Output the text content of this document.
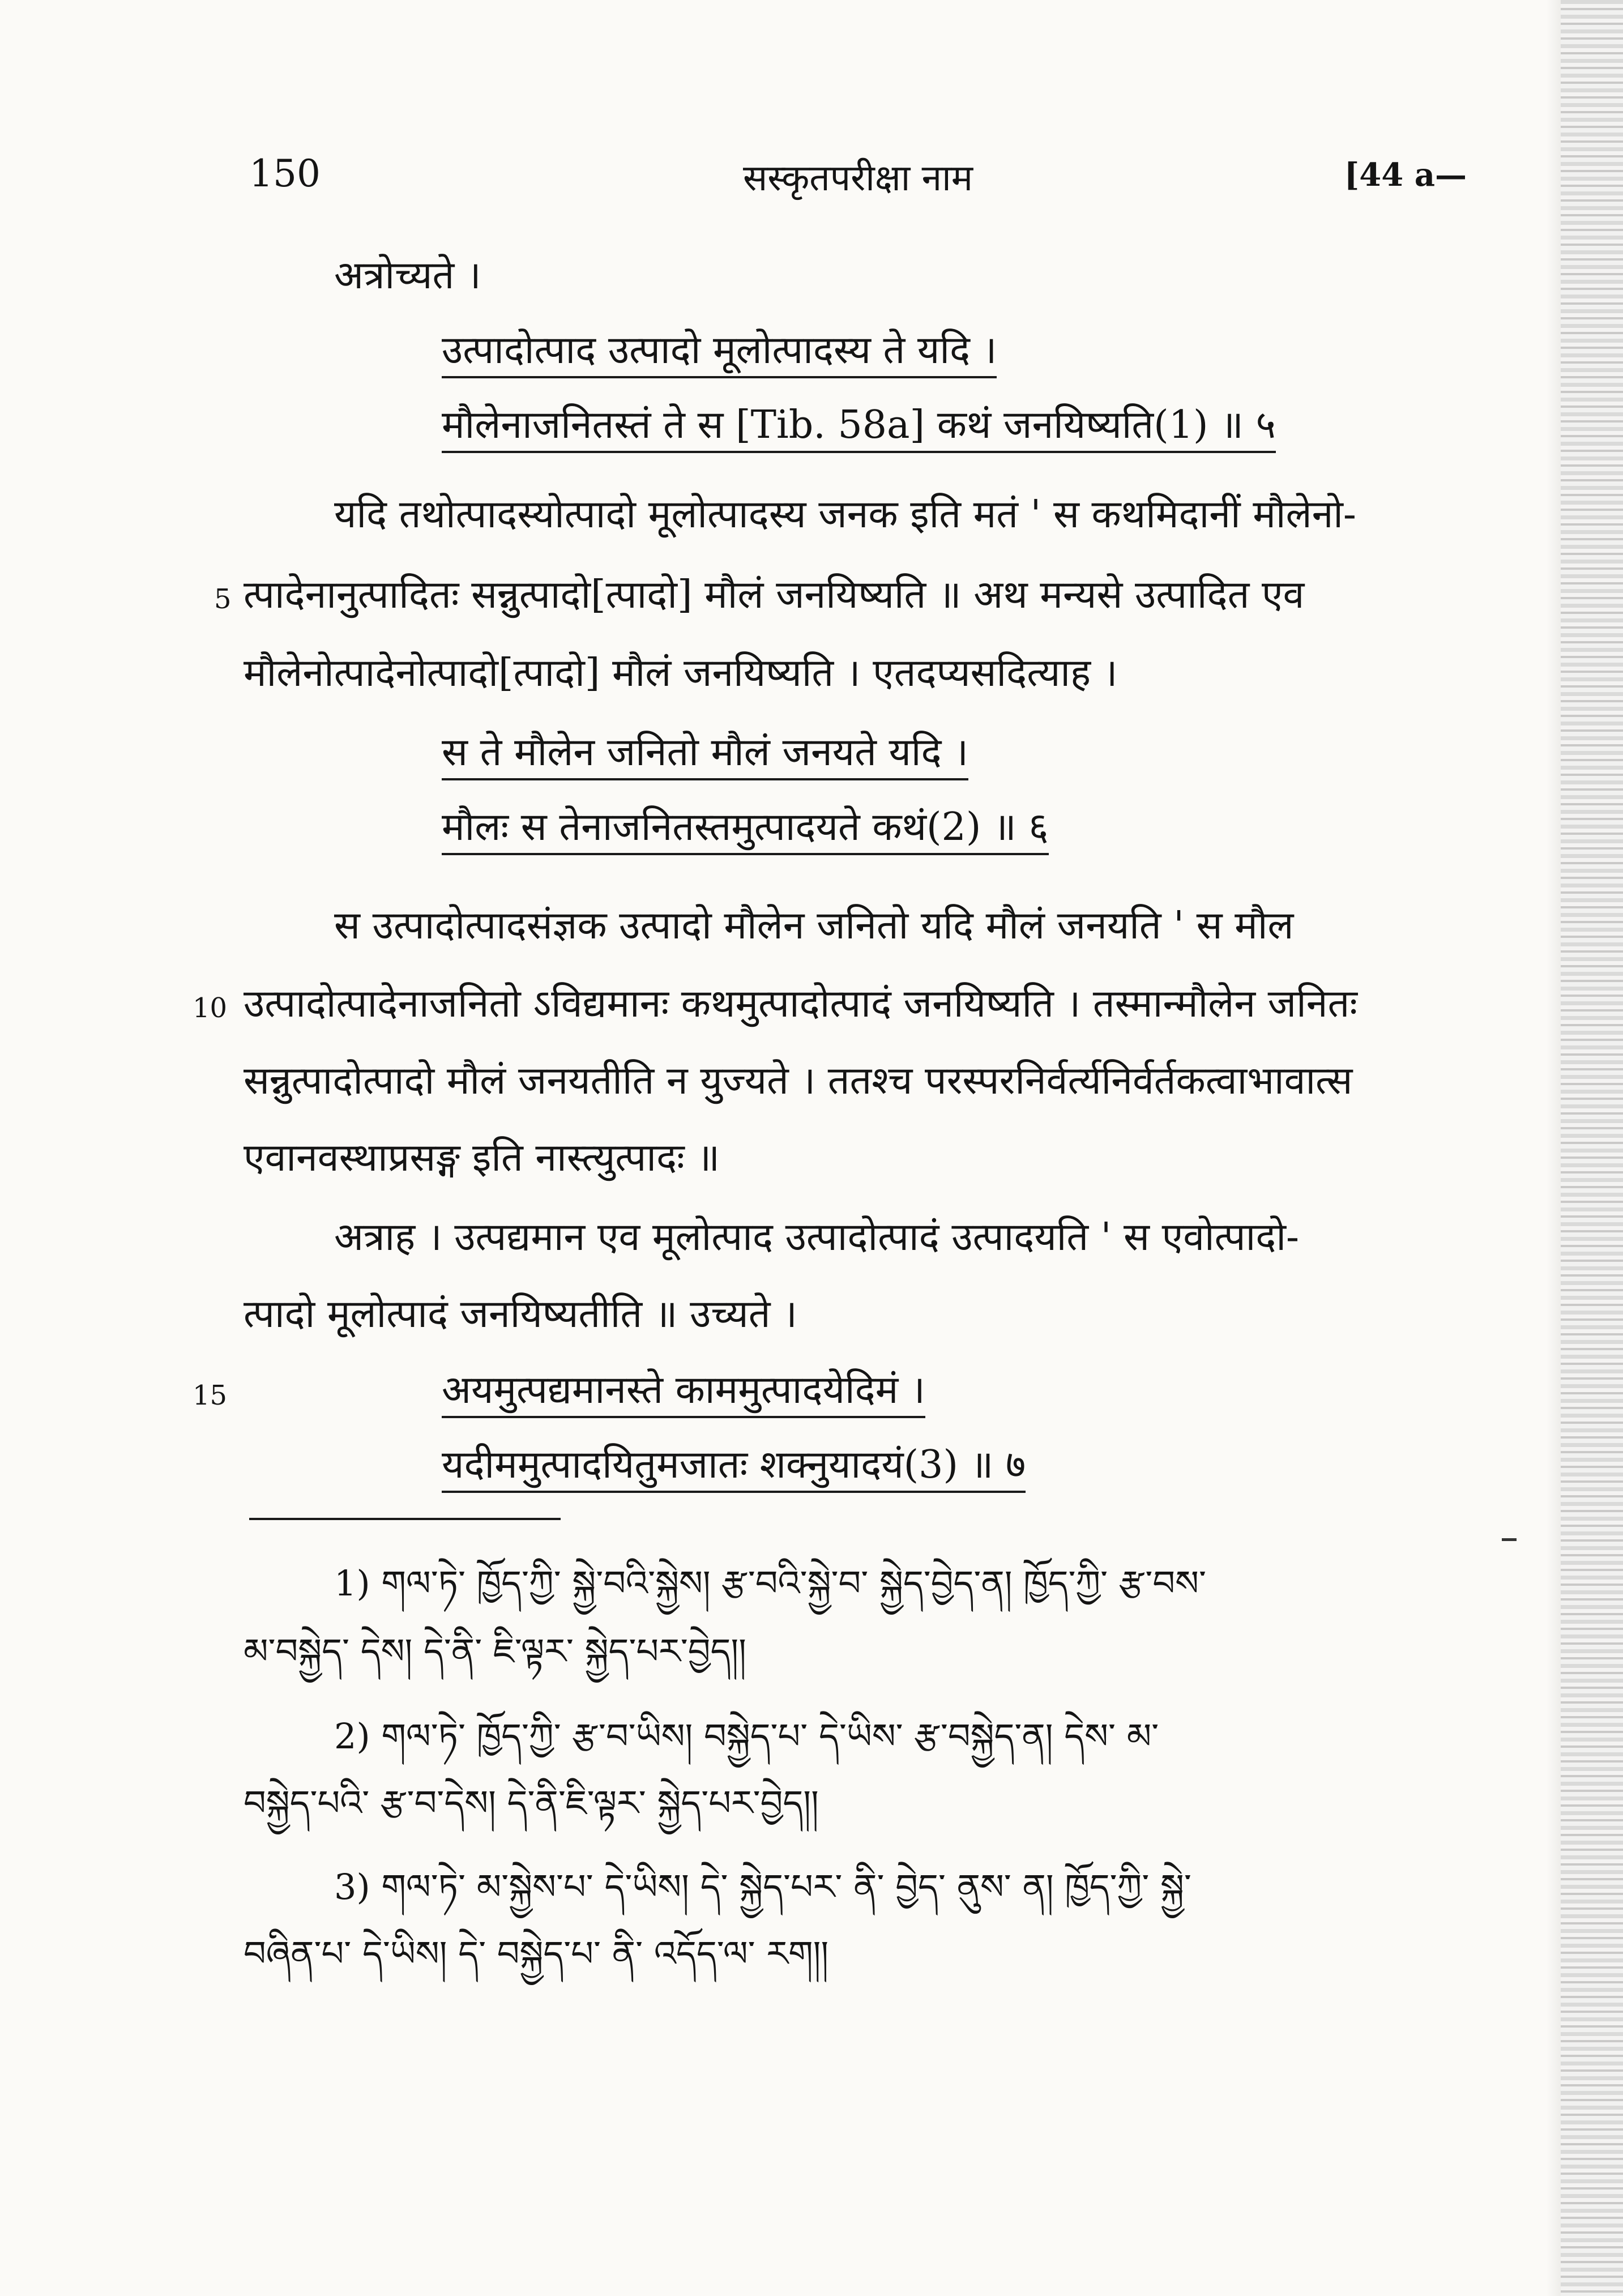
150	सस्कृतपरीक्षा नाम	[44 a—
अत्रोच्यते ।
उत्पादोत्पाद उत्पादो मूलोत्पादस्य ते यदि ।
मौलेनाजनितस्तं ते स [Tib. 58a] कथं जनयिष्यति(1) ॥ ५
यदि तथोत्पादस्योत्पादो मूलोत्पादस्य जनक इति मतं ' स कथमिदानीं मौलेनो-
5 त्पादेनानुत्पादितः सन्नुत्पादो[त्पादो] मौलं जनयिष्यति ॥ अथ मन्यसे उत्पादित एव
मौलेनोत्पादेनोत्पादो[त्पादो] मौलं जनयिष्यति । एतदप्यसदित्याह ।
स ते मौलेन जनितो मौलं जनयते यदि ।
मौलः स तेनाजनितस्तमुत्पादयते कथं(2) ॥ ६
स उत्पादोत्पादसंज्ञक उत्पादो मौलेन जनितो यदि मौलं जनयति ' स मौल
10 उत्पादोत्पादेनाजनितो ऽविद्यमानः कथमुत्पादोत्पादं जनयिष्यति । तस्मान्मौलेन जनितः
सन्नुत्पादोत्पादो मौलं जनयतीति न युज्यते । ततश्च परस्परनिर्वर्त्यनिर्वर्तकत्वाभावात्स
एवानवस्थाप्रसङ्ग इति नास्त्युत्पादः ॥
अत्राह । उत्पद्यमान एव मूलोत्पाद उत्पादोत्पादं उत्पादयति ' स एवोत्पादो-
त्पादो मूलोत्पादं जनयिष्यतीति ॥ उच्यते ।
15	अयमुत्पद्यमानस्ते काममुत्पादयेदिमं ।
यदीममुत्पादयितुमजातः शक्नुयादयं(3) ॥ ७
1) གལ་ཏེ་ ཁྱོད་ཀྱི་ སྐྱེ་བའི་སྐྱེས། རྩ་བའི་སྐྱེ་བ་ སྐྱེད་བྱེད་ན། ཁྱོད་ཀྱི་ རྩ་བས་
མ་བསྐྱེད་ དེས། དེ་ནི་ ཇི་ལྟར་ སྐྱེད་པར་བྱེད།།
2) གལ་ཏེ་ ཁྱོད་ཀྱི་ རྩ་བ་ཡིས། བསྐྱེད་པ་ དེ་ཡིས་ རྩ་བསྐྱེད་ན། དེས་ མ་
བསྐྱེད་པའི་ རྩ་བ་དེས། དེ་ནི་ཇི་ལྟར་ སྐྱེད་པར་བྱེད།།
3) གལ་ཏེ་ མ་སྐྱེས་པ་ དེ་ཡིས། དེ་ སྐྱེད་པར་ ནི་ བྱེད་ ནུས་ ན། ཁྱོད་ཀྱི་ སྐྱེ་
བཞིན་པ་ དེ་ཡིས། དེ་ བསྐྱེད་པ་ ནི་ འདོད་ལ་ རག།།
